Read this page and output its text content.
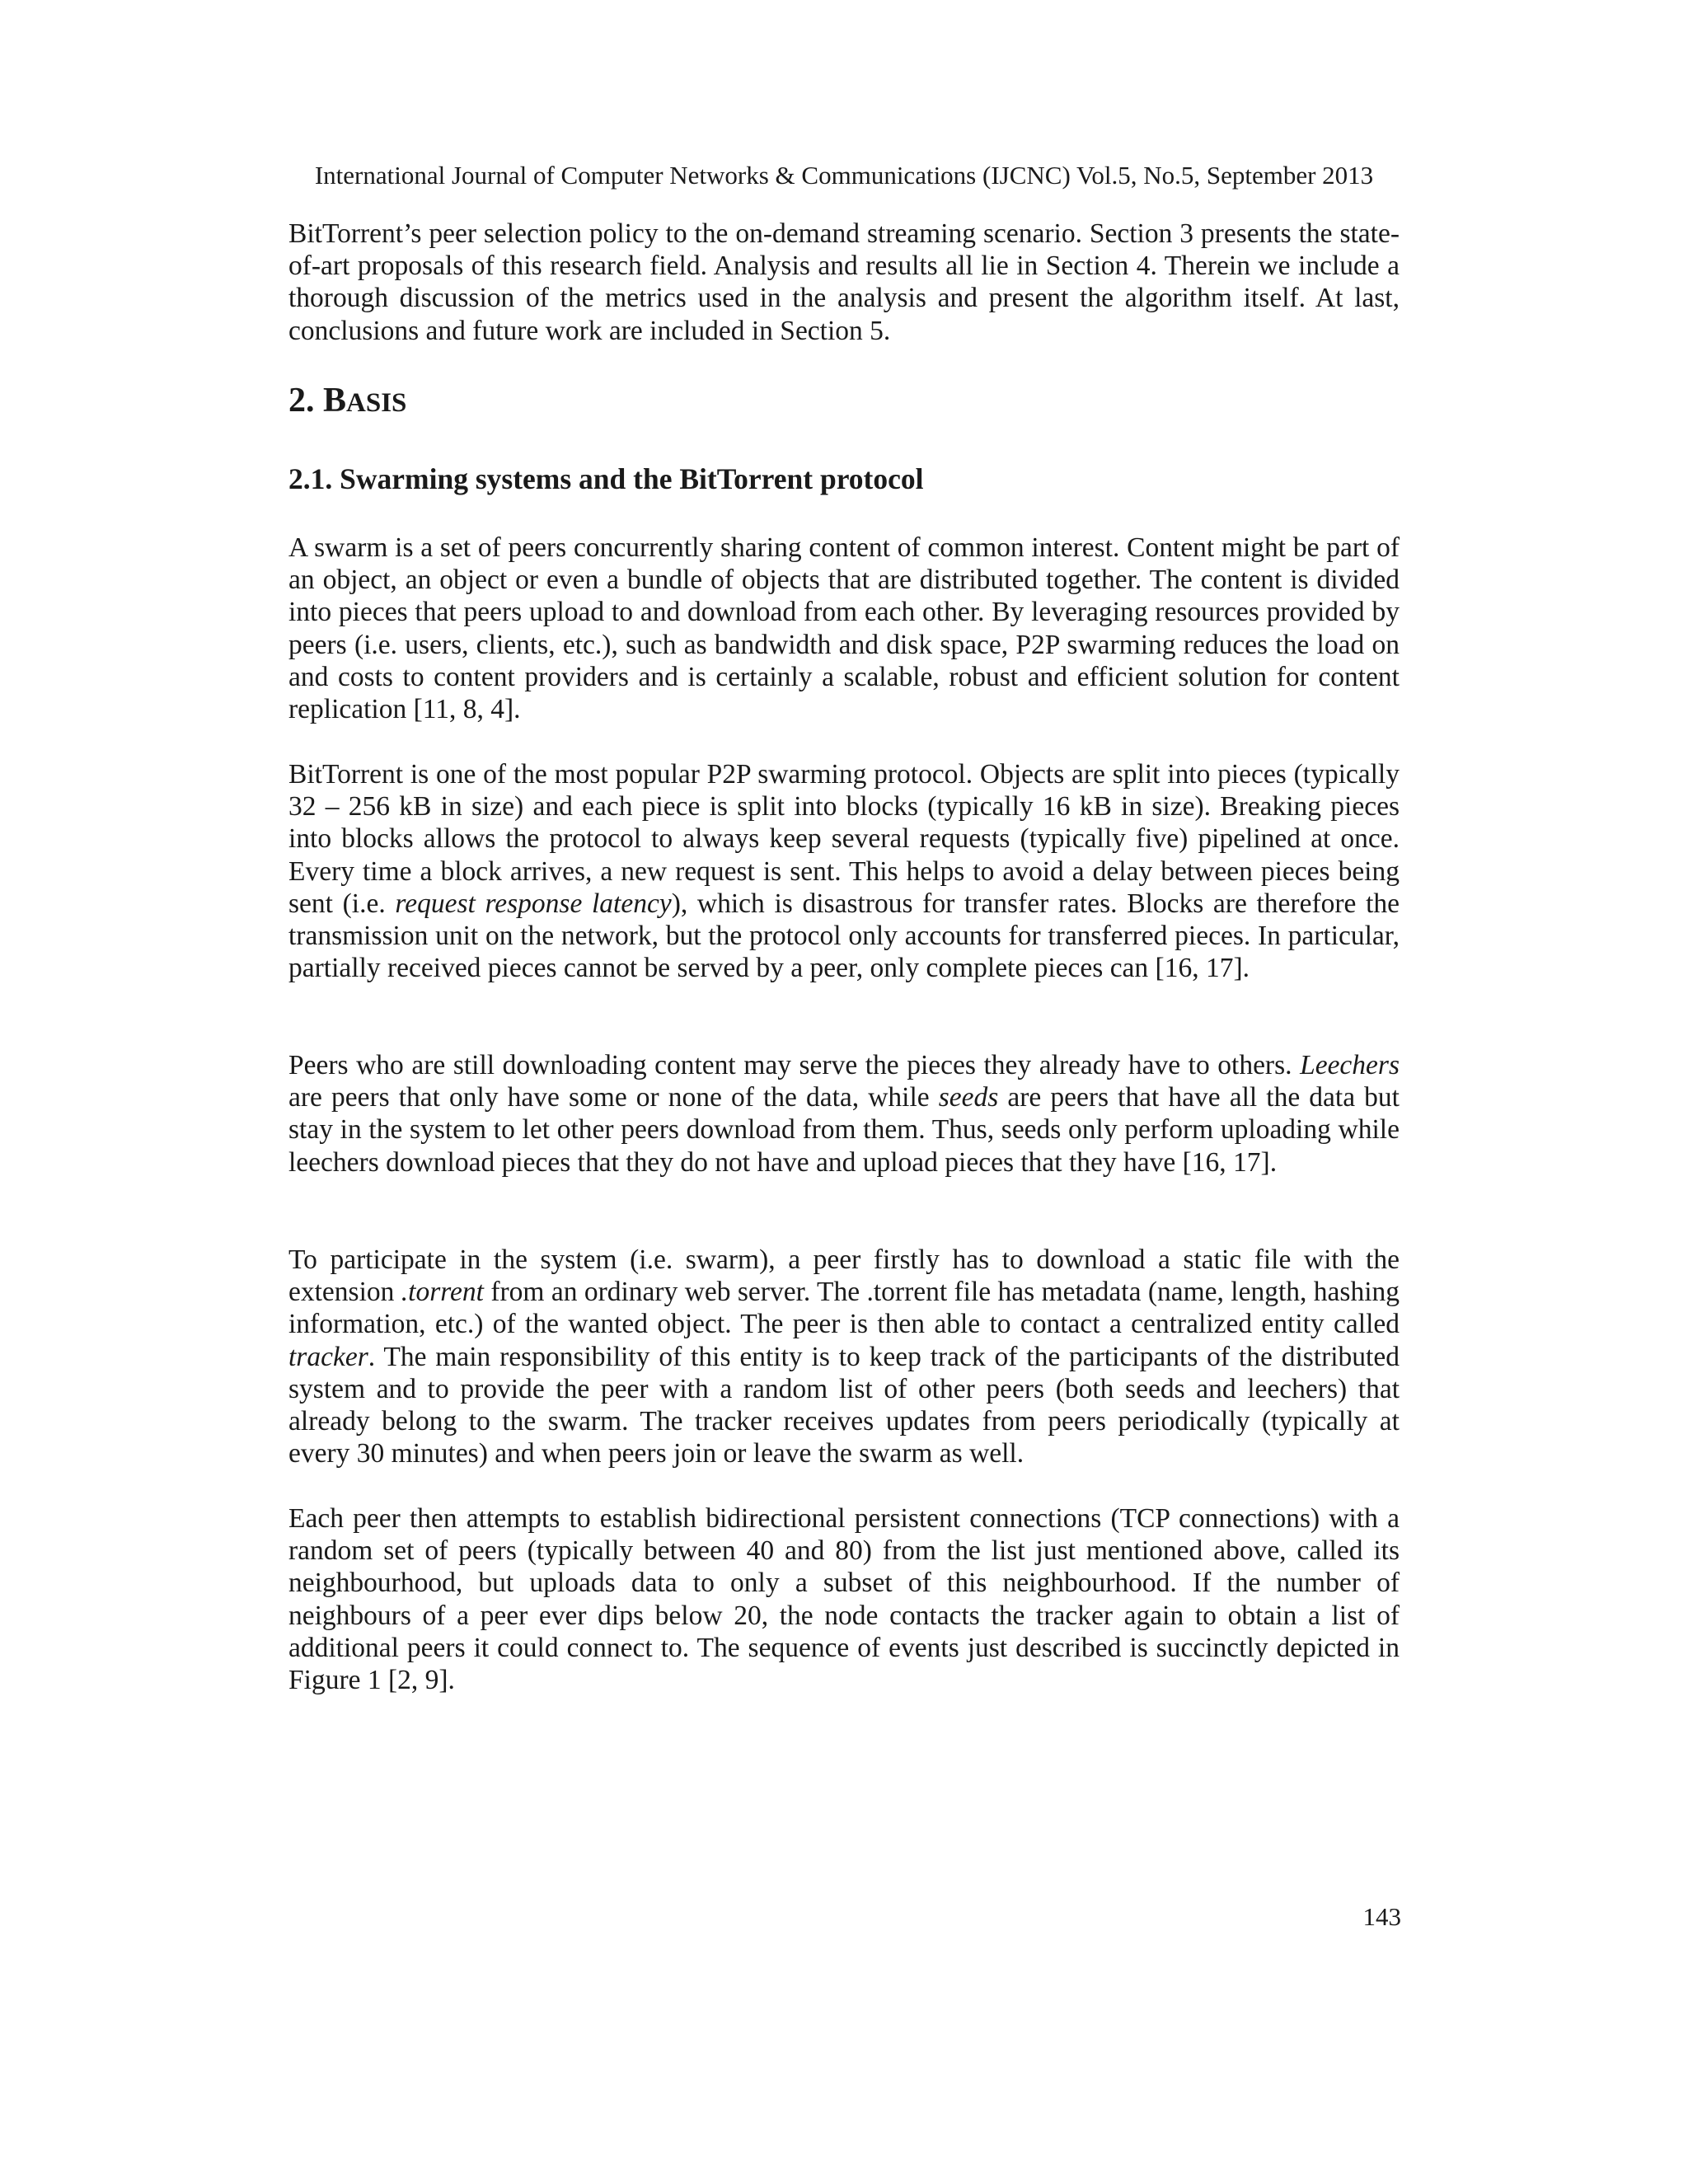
International Journal of Computer Networks & Communications (IJCNC) Vol.5, No.5, September 2013

BitTorrent’s peer selection policy to the on-demand streaming scenario. Section 3 presents the state-of-art proposals of this research field. Analysis and results all lie in Section 4. Therein we include a thorough discussion of the metrics used in the analysis and present the algorithm itself. At last, conclusions and future work are included in Section 5.

2. BASIS
2.1. Swarming systems and the BitTorrent protocol

A swarm is a set of peers concurrently sharing content of common interest. Content might be part of an object, an object or even a bundle of objects that are distributed together. The content is divided into pieces that peers upload to and download from each other. By leveraging resources provided by peers (i.e. users, clients, etc.), such as bandwidth and disk space, P2P swarming reduces the load on and costs to content providers and is certainly a scalable, robust and efficient solution for content replication [11, 8, 4].

BitTorrent is one of the most popular P2P swarming protocol. Objects are split into pieces (typically 32 – 256 kB in size) and each piece is split into blocks (typically 16 kB in size). Breaking pieces into blocks allows the protocol to always keep several requests (typically five) pipelined at once. Every time a block arrives, a new request is sent. This helps to avoid a delay between pieces being sent (i.e. request response latency), which is disastrous for transfer rates. Blocks are therefore the transmission unit on the network, but the protocol only accounts for transferred pieces. In particular, partially received pieces cannot be served by a peer, only complete pieces can [16, 17].

Peers who are still downloading content may serve the pieces they already have to others. Leechers are peers that only have some or none of the data, while seeds are peers that have all the data but stay in the system to let other peers download from them. Thus, seeds only perform uploading while leechers download pieces that they do not have and upload pieces that they have [16, 17].

To participate in the system (i.e. swarm), a peer firstly has to download a static file with the extension .torrent from an ordinary web server. The .torrent file has metadata (name, length, hashing information, etc.) of the wanted object. The peer is then able to contact a centralized entity called tracker. The main responsibility of this entity is to keep track of the participants of the distributed system and to provide the peer with a random list of other peers (both seeds and leechers) that already belong to the swarm. The tracker receives updates from peers periodically (typically at every 30 minutes) and when peers join or leave the swarm as well.

Each peer then attempts to establish bidirectional persistent connections (TCP connections) with a random set of peers (typically between 40 and 80) from the list just mentioned above, called its neighbourhood, but uploads data to only a subset of this neighbourhood. If the number of neighbours of a peer ever dips below 20, the node contacts the tracker again to obtain a list of additional peers it could connect to. The sequence of events just described is succinctly depicted in Figure 1 [2, 9].

143
